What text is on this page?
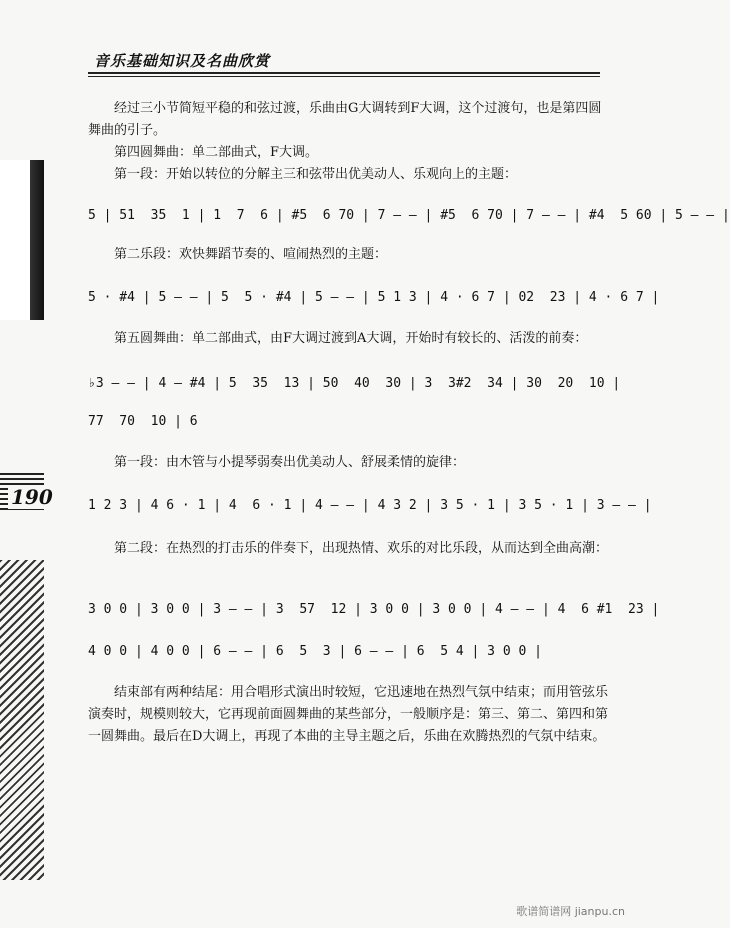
音乐基础知识及名曲欣赏
190
经过三小节简短平稳的和弦过渡，乐曲由G大调转到F大调，这个过渡句，也是第四圆舞曲的引子。
第四圆舞曲：单二部曲式，F大调。
第一段：开始以转位的分解主三和弦带出优美动人、乐观向上的主题：
5 | 51  35  1 | 1  7  6 | #5  6 70 | 7 — — | #5  6 70 | 7 — — | #4  5 60 | 5 — — |
第二乐段：欢快舞蹈节奏的、喧闹热烈的主题：
5 · #4 | 5 — — | 5  5 · #4 | 5 — — | 5 1 3 | 4 · 6 7 | 02  23 | 4 · 6 7 |
第五圆舞曲：单二部曲式，由F大调过渡到A大调，开始时有较长的、活泼的前奏：
♭3 — — | 4 — #4 | 5  35  13 | 50  40  30 | 3  3#2  34 | 30  20  10 |
77  70  10 | 6
第一段：由木管与小提琴弱奏出优美动人、舒展柔情的旋律：
1 2 3 | 4 6 · 1 | 4  6 · 1 | 4 — — | 4 3 2 | 3 5 · 1 | 3 5 · 1 | 3 — — |
第二段：在热烈的打击乐的伴奏下，出现热情、欢乐的对比乐段，从而达到全曲高潮：
3 0 0 | 3 0 0 | 3 — — | 3  57  12 | 3 0 0 | 3 0 0 | 4 — — | 4  6 #1  23 |
4 0 0 | 4 0 0 | 6 — — | 6  5  3 | 6 — — | 6  5 4 | 3 0 0 |
结束部有两种结尾：用合唱形式演出时较短，它迅速地在热烈气氛中结束；而用管弦乐演奏时，规模则较大，它再现前面圆舞曲的某些部分，一般顺序是：第三、第二、第四和第一圆舞曲。最后在D大调上，再现了本曲的主导主题之后，乐曲在欢腾热烈的气氛中结束。
歌谱简谱网 jianpu.cn
